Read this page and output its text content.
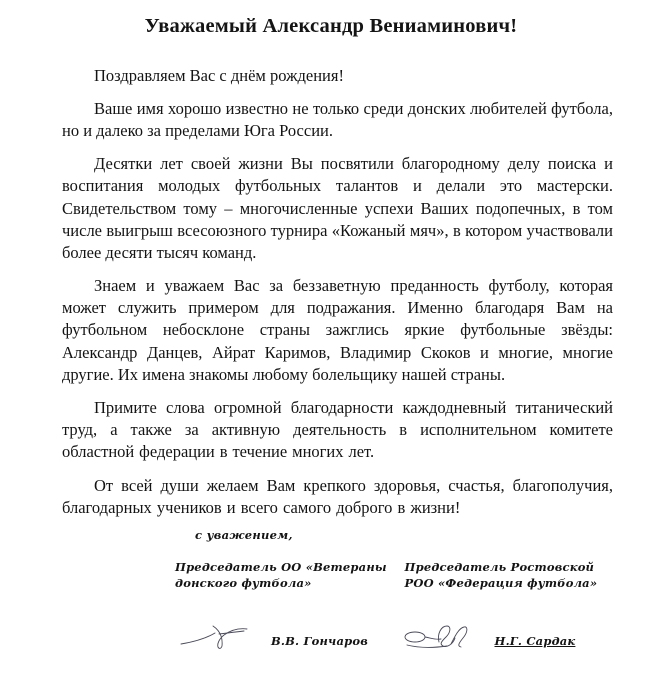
Уважаемый Александр Вениаминович!

Поздравляем Вас с днём рождения!

Ваше имя хорошо известно не только среди донских любителей футбола, но и далеко за пределами Юга России.

Десятки лет своей жизни Вы посвятили благородному делу поиска и воспитания молодых футбольных талантов и делали это мастерски. Свидетельством тому – многочисленные успехи Ваших подопечных, в том числе выигрыш всесоюзного турнира «Кожаный мяч», в котором участвовали более десяти тысяч команд.

Знаем и уважаем Вас за беззаветную преданность футболу, которая может служить примером для подражания. Именно благодаря Вам на футбольном небосклоне страны зажглись яркие футбольные звёзды: Александр Данцев, Айрат Каримов, Владимир Скоков и многие, многие другие. Их имена знакомы любому болельщику нашей страны.

Примите слова огромной благодарности каждодневный титанический труд, а также за активную деятельность в исполнительном комитете областной федерации в течение многих лет.

От всей души желаем Вам крепкого здоровья, счастья, благополучия, благодарных учеников и всего самого доброго в жизни!

с уважением,
Председатель ОО «Ветераны
донского футбола»
В.В. Гончаров
Председатель Ростовской
РОО «Федерация футбола»
Н.Г. Сардак
